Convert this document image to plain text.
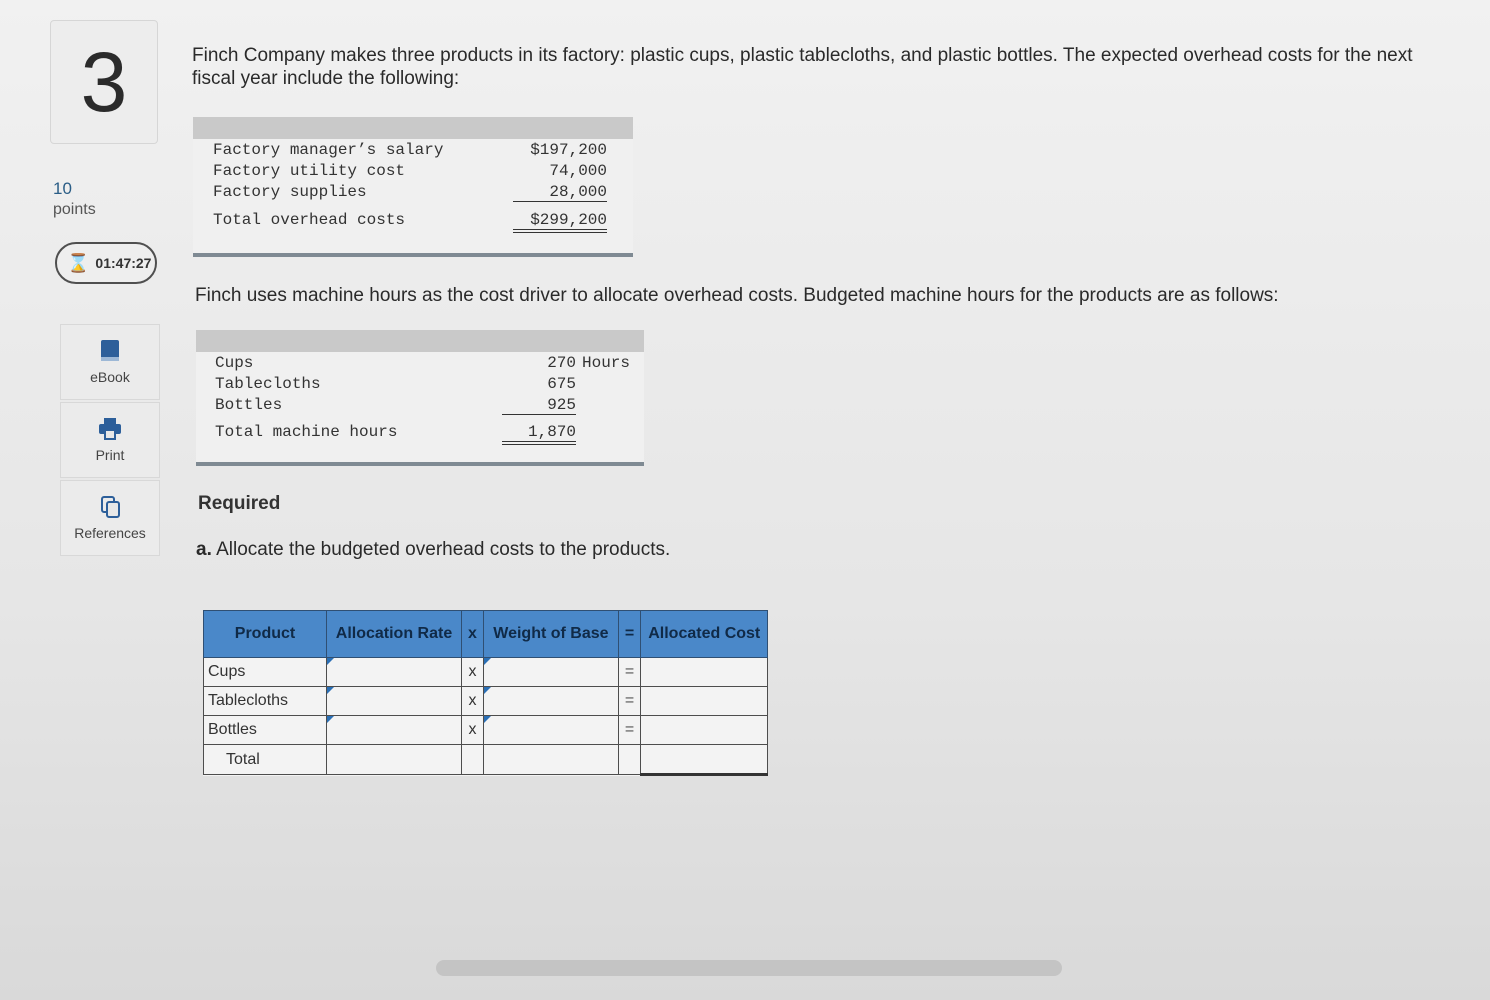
3
10
points
⌛ 01:47:27
eBook
Print
References
Finch Company makes three products in its factory: plastic cups, plastic tablecloths, and plastic bottles. The expected overhead costs for the next fiscal year include the following:
Factory manager’s salary	$197,200
Factory utility cost	74,000
Factory supplies	28,000
Total overhead costs	$299,200
Finch uses machine hours as the cost driver to allocate overhead costs. Budgeted machine hours for the products are as follows:
Cups	270 Hours
Tablecloths	675
Bottles	925
Total machine hours	1,870
Required
a. Allocate the budgeted overhead costs to the products.
Product	Allocation Rate	x	Weight of Base	=	Allocated Cost
Cups		x		=	
Tablecloths		x		=	
Bottles		x		=	
Total					
